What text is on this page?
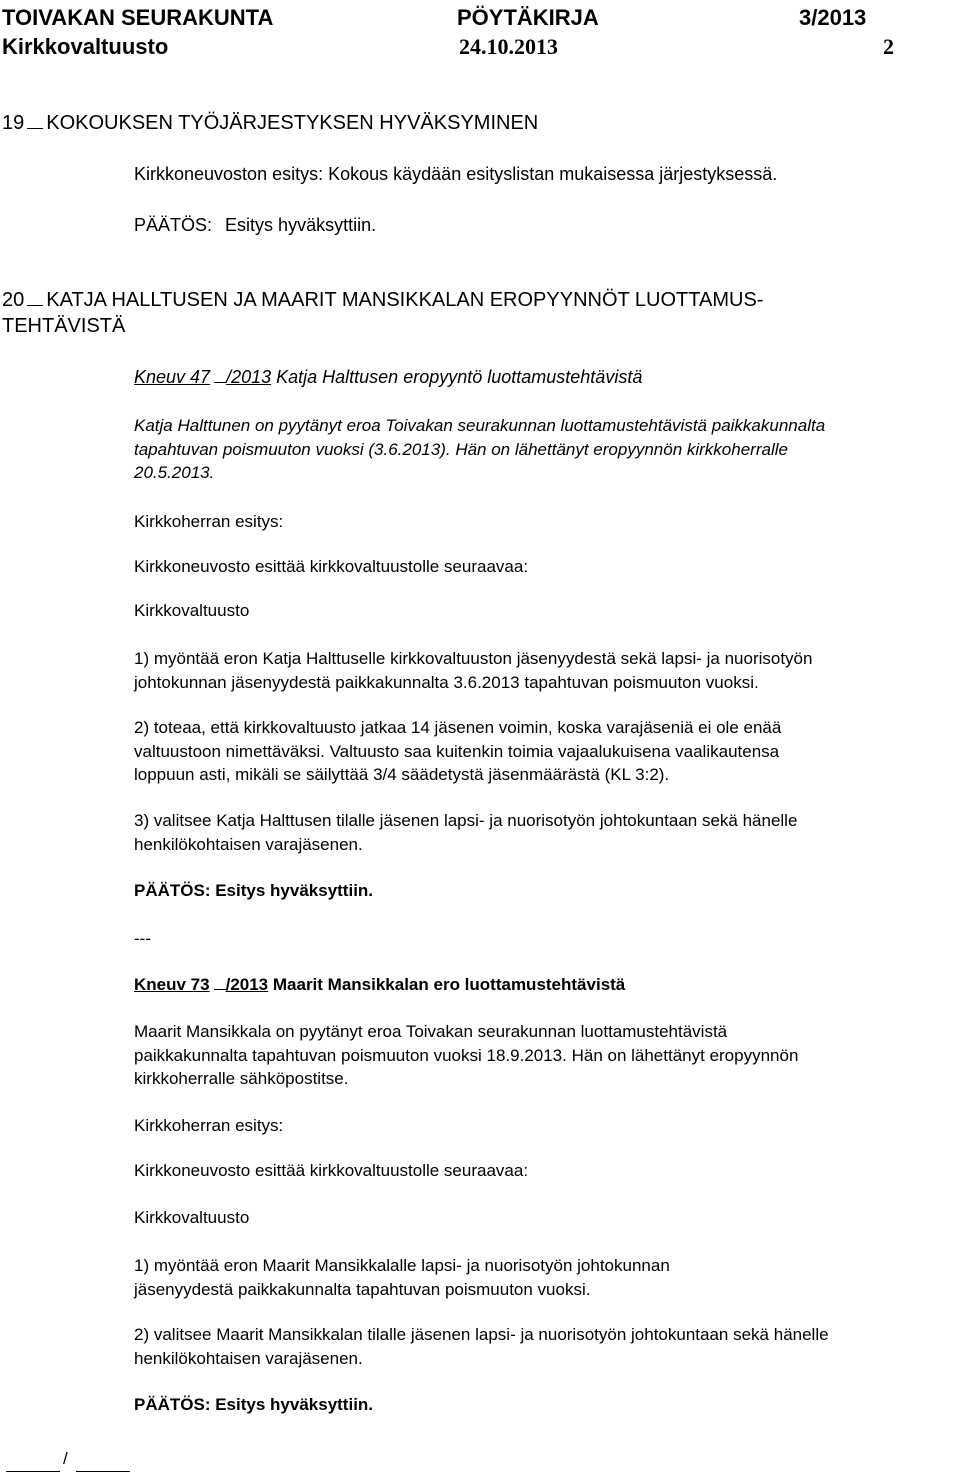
TOIVAKAN SEURAKUNTA	PÖYTÄKIRJA	3/2013
Kirkkovaltuusto	24.10.2013	2
19 KOKOUKSEN TYÖJÄRJESTYKSEN HYVÄKSYMINEN
Kirkkoneuvoston esitys: Kokous käydään esityslistan mukaisessa järjestyksessä.
PÄÄTÖS: Esitys hyväksyttiin.
20 KATJA HALLTUSEN JA MAARIT MANSIKKALAN EROPYYNNÖT LUOTTAMUS-
TEHTÄVISTÄ
Kneuv 47 /2013 Katja Halttusen eropyyntö luottamustehtävistä
Katja Halttunen on pyytänyt eroa Toivakan seurakunnan luottamustehtävistä paikkakunnalta
tapahtuvan poismuuton vuoksi (3.6.2013). Hän on lähettänyt eropyynnön kirkkoherralle
20.5.2013.
Kirkkoherran esitys:
Kirkkoneuvosto esittää kirkkovaltuustolle seuraavaa:
Kirkkovaltuusto
1) myöntää eron Katja Halttuselle kirkkovaltuuston jäsenyydestä sekä lapsi- ja nuorisotyön
johtokunnan jäsenyydestä paikkakunnalta 3.6.2013 tapahtuvan poismuuton vuoksi.
2) toteaa, että kirkkovaltuusto jatkaa 14 jäsenen voimin, koska varajäseniä ei ole enää
valtuustoon nimettäväksi. Valtuusto saa kuitenkin toimia vajaalukuisena vaalikautensa
loppuun asti, mikäli se säilyttää 3/4 säädetystä jäsenmäärästä (KL 3:2).
3) valitsee Katja Halttusen tilalle jäsenen lapsi- ja nuorisotyön johtokuntaan sekä hänelle
henkilökohtaisen varajäsenen.
PÄÄTÖS: Esitys hyväksyttiin.
---
Kneuv 73 /2013 Maarit Mansikkalan ero luottamustehtävistä
Maarit Mansikkala on pyytänyt eroa Toivakan seurakunnan luottamustehtävistä
paikkakunnalta tapahtuvan poismuuton vuoksi 18.9.2013. Hän on lähettänyt eropyynnön
kirkkoherralle sähköpostitse.
Kirkkoherran esitys:
Kirkkoneuvosto esittää kirkkovaltuustolle seuraavaa:
Kirkkovaltuusto
1) myöntää eron Maarit Mansikkalalle lapsi- ja nuorisotyön johtokunnan
jäsenyydestä paikkakunnalta tapahtuvan poismuuton vuoksi.
2) valitsee Maarit Mansikkalan tilalle jäsenen lapsi- ja nuorisotyön johtokuntaan sekä hänelle
henkilökohtaisen varajäsenen.
PÄÄTÖS: Esitys hyväksyttiin.
/
